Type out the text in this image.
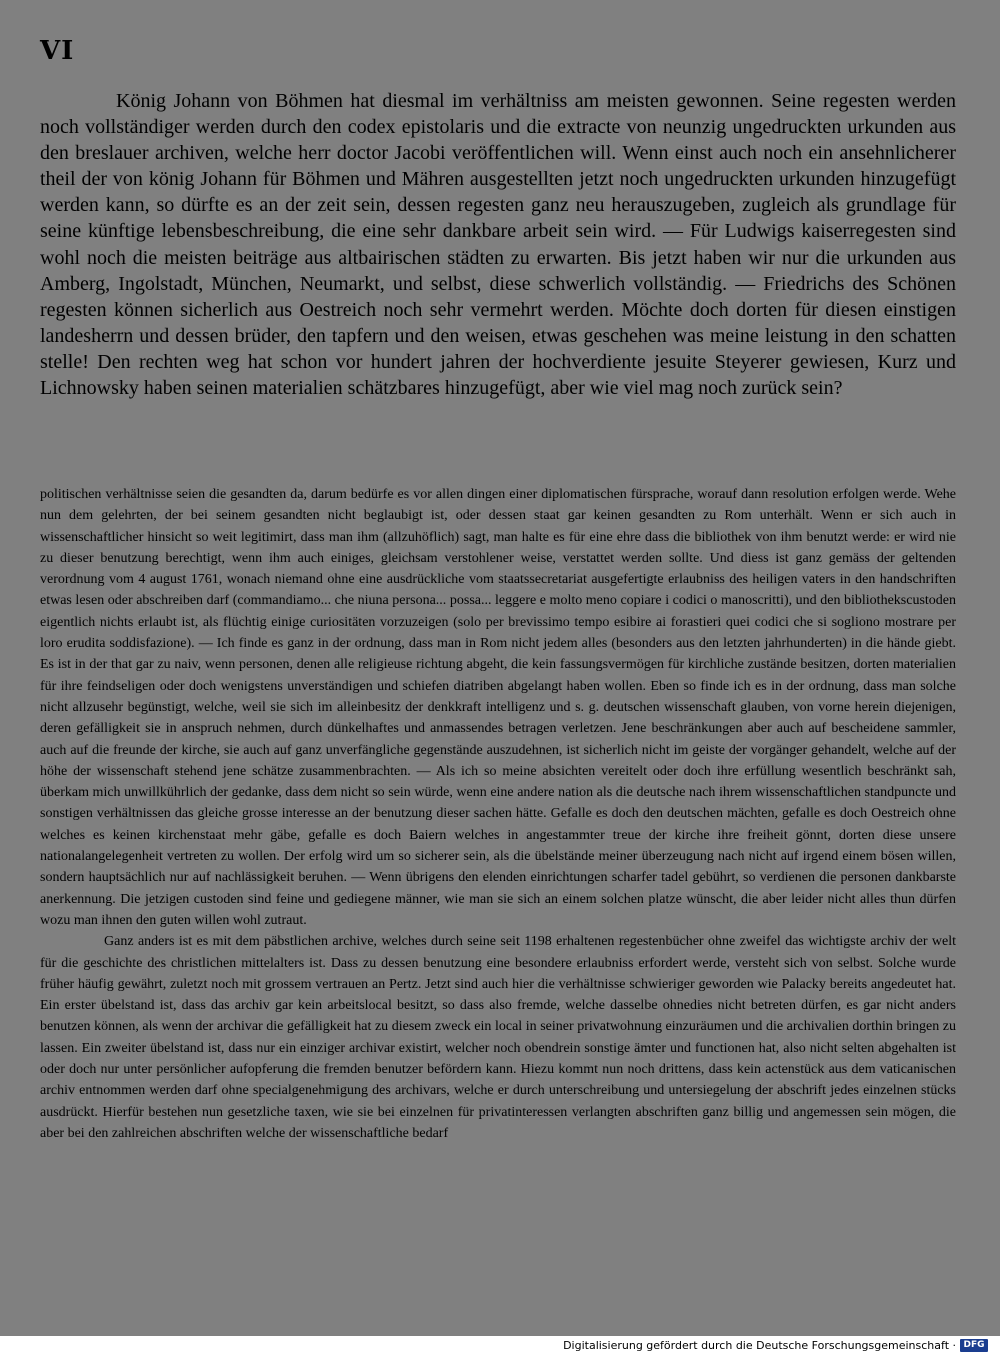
VI

König Johann von Böhmen hat diesmal im verhältniss am meisten gewonnen. Seine regesten werden noch vollständiger werden durch den codex epistolaris und die extracte von neunzig ungedruckten urkunden aus den breslauer archiven, welche herr doctor Jacobi veröffentlichen will. Wenn einst auch noch ein ansehnlicherer theil der von könig Johann für Böhmen und Mähren ausgestellten jetzt noch ungedruckten urkunden hinzugefügt werden kann, so dürfte es an der zeit sein, dessen regesten ganz neu herauszugeben, zugleich als grundlage für seine künftige lebensbeschreibung, die eine sehr dankbare arbeit sein wird. — Für Ludwigs kaiserregesten sind wohl noch die meisten beiträge aus altbairischen städten zu erwarten. Bis jetzt haben wir nur die urkunden aus Amberg, Ingolstadt, München, Neumarkt, und selbst, diese schwerlich vollständig. — Friedrichs des Schönen regesten können sicherlich aus Oestreich noch sehr vermehrt werden. Möchte doch dorten für diesen einstigen landesherrn und dessen brüder, den tapfern und den weisen, etwas geschehen was meine leistung in den schatten stelle! Den rechten weg hat schon vor hundert jahren der hochverdiente jesuite Steyerer gewiesen, Kurz und Lichnowsky haben seinen materialien schätzbares hinzugefügt, aber wie viel mag noch zurück sein?

politischen verhältnisse seien die gesandten da, darum bedürfe es vor allen dingen einer diplomatischen fürsprache, worauf dann resolution erfolgen werde. Wehe nun dem gelehrten, der bei seinem gesandten nicht beglaubigt ist, oder dessen staat gar keinen gesandten zu Rom unterhält. Wenn er sich auch in wissenschaftlicher hinsicht so weit legitimirt, dass man ihm (allzuhöflich) sagt, man halte es für eine ehre dass die bibliothek von ihm benutzt werde: er wird nie zu dieser benutzung berechtigt, wenn ihm auch einiges, gleichsam verstohlener weise, verstattet werden sollte. Und diess ist ganz gemäss der geltenden verordnung vom 4 august 1761, wonach niemand ohne eine ausdrückliche vom staatssecretariat ausgefertigte erlaubniss des heiligen vaters in den handschriften etwas lesen oder abschreiben darf (commandiamo... che niuna persona... possa... leggere e molto meno copiare i codici o manoscritti), und den bibliothekscustoden eigentlich nichts erlaubt ist, als flüchtig einige curiositäten vorzuzeigen (solo per brevissimo tempo esibire ai forastieri quei codici che si sogliono mostrare per loro erudita soddisfazione). — Ich finde es ganz in der ordnung, dass man in Rom nicht jedem alles (besonders aus den letzten jahrhunderten) in die hände giebt. Es ist in der that gar zu naiv, wenn personen, denen alle religieuse richtung abgeht, die kein fassungsvermögen für kirchliche zustände besitzen, dorten materialien für ihre feindseligen oder doch wenigstens unverständigen und schiefen diatriben abgelangt haben wollen. Eben so finde ich es in der ordnung, dass man solche nicht allzusehr begünstigt, welche, weil sie sich im alleinbesitz der denkkraft intelligenz und s. g. deutschen wissenschaft glauben, von vorne herein diejenigen, deren gefälligkeit sie in anspruch nehmen, durch dünkelhaftes und anmassendes betragen verletzen. Jene beschränkungen aber auch auf bescheidene sammler, auch auf die freunde der kirche, sie auch auf ganz unverfängliche gegenstände auszudehnen, ist sicherlich nicht im geiste der vorgänger gehandelt, welche auf der höhe der wissenschaft stehend jene schätze zusammenbrachten. — Als ich so meine absichten vereitelt oder doch ihre erfüllung wesentlich beschränkt sah, überkam mich unwillkührlich der gedanke, dass dem nicht so sein würde, wenn eine andere nation als die deutsche nach ihrem wissenschaftlichen standpuncte und sonstigen verhältnissen das gleiche grosse interesse an der benutzung dieser sachen hätte. Gefalle es doch den deutschen mächten, gefalle es doch Oestreich ohne welches es keinen kirchenstaat mehr gäbe, gefalle es doch Baiern welches in angestammter treue der kirche ihre freiheit gönnt, dorten diese unsere nationalangelegenheit vertreten zu wollen. Der erfolg wird um so sicherer sein, als die übelstände meiner überzeugung nach nicht auf irgend einem bösen willen, sondern hauptsächlich nur auf nachlässigkeit beruhen. — Wenn übrigens den elenden einrichtungen scharfer tadel gebührt, so verdienen die personen dankbarste anerkennung. Die jetzigen custoden sind feine und gediegene männer, wie man sie sich an einem solchen platze wünscht, die aber leider nicht alles thun dürfen wozu man ihnen den guten willen wohl zutraut.

Ganz anders ist es mit dem päbstlichen archive, welches durch seine seit 1198 erhaltenen regestenbücher ohne zweifel das wichtigste archiv der welt für die geschichte des christlichen mittelalters ist. Dass zu dessen benutzung eine besondere erlaubniss erfordert werde, versteht sich von selbst. Solche wurde früher häufig gewährt, zuletzt noch mit grossem vertrauen an Pertz. Jetzt sind auch hier die verhältnisse schwieriger geworden wie Palacky bereits angedeutet hat. Ein erster übelstand ist, dass das archiv gar kein arbeitslocal besitzt, so dass also fremde, welche dasselbe ohnedies nicht betreten dürfen, es gar nicht anders benutzen können, als wenn der archivar die gefälligkeit hat zu diesem zweck ein local in seiner privatwohnung einzuräumen und die archivalien dorthin bringen zu lassen. Ein zweiter übelstand ist, dass nur ein einziger archivar existirt, welcher noch obendrein sonstige ämter und functionen hat, also nicht selten abgehalten ist oder doch nur unter persönlicher aufopferung die fremden benutzer befördern kann. Hiezu kommt nun noch drittens, dass kein actenstück aus dem vaticanischen archiv entnommen werden darf ohne specialgenehmigung des archivars, welche er durch unterschreibung und untersiegelung der abschrift jedes einzelnen stücks ausdrückt. Hierfür bestehen nun gesetzliche taxen, wie sie bei einzelnen für privatinteressen verlangten abschriften ganz billig und angemessen sein mögen, die aber bei den zahlreichen abschriften welche der wissenschaftliche bedarf

Digitalisierung gefördert durch die Deutsche Forschungsgemeinschaft · DFG
